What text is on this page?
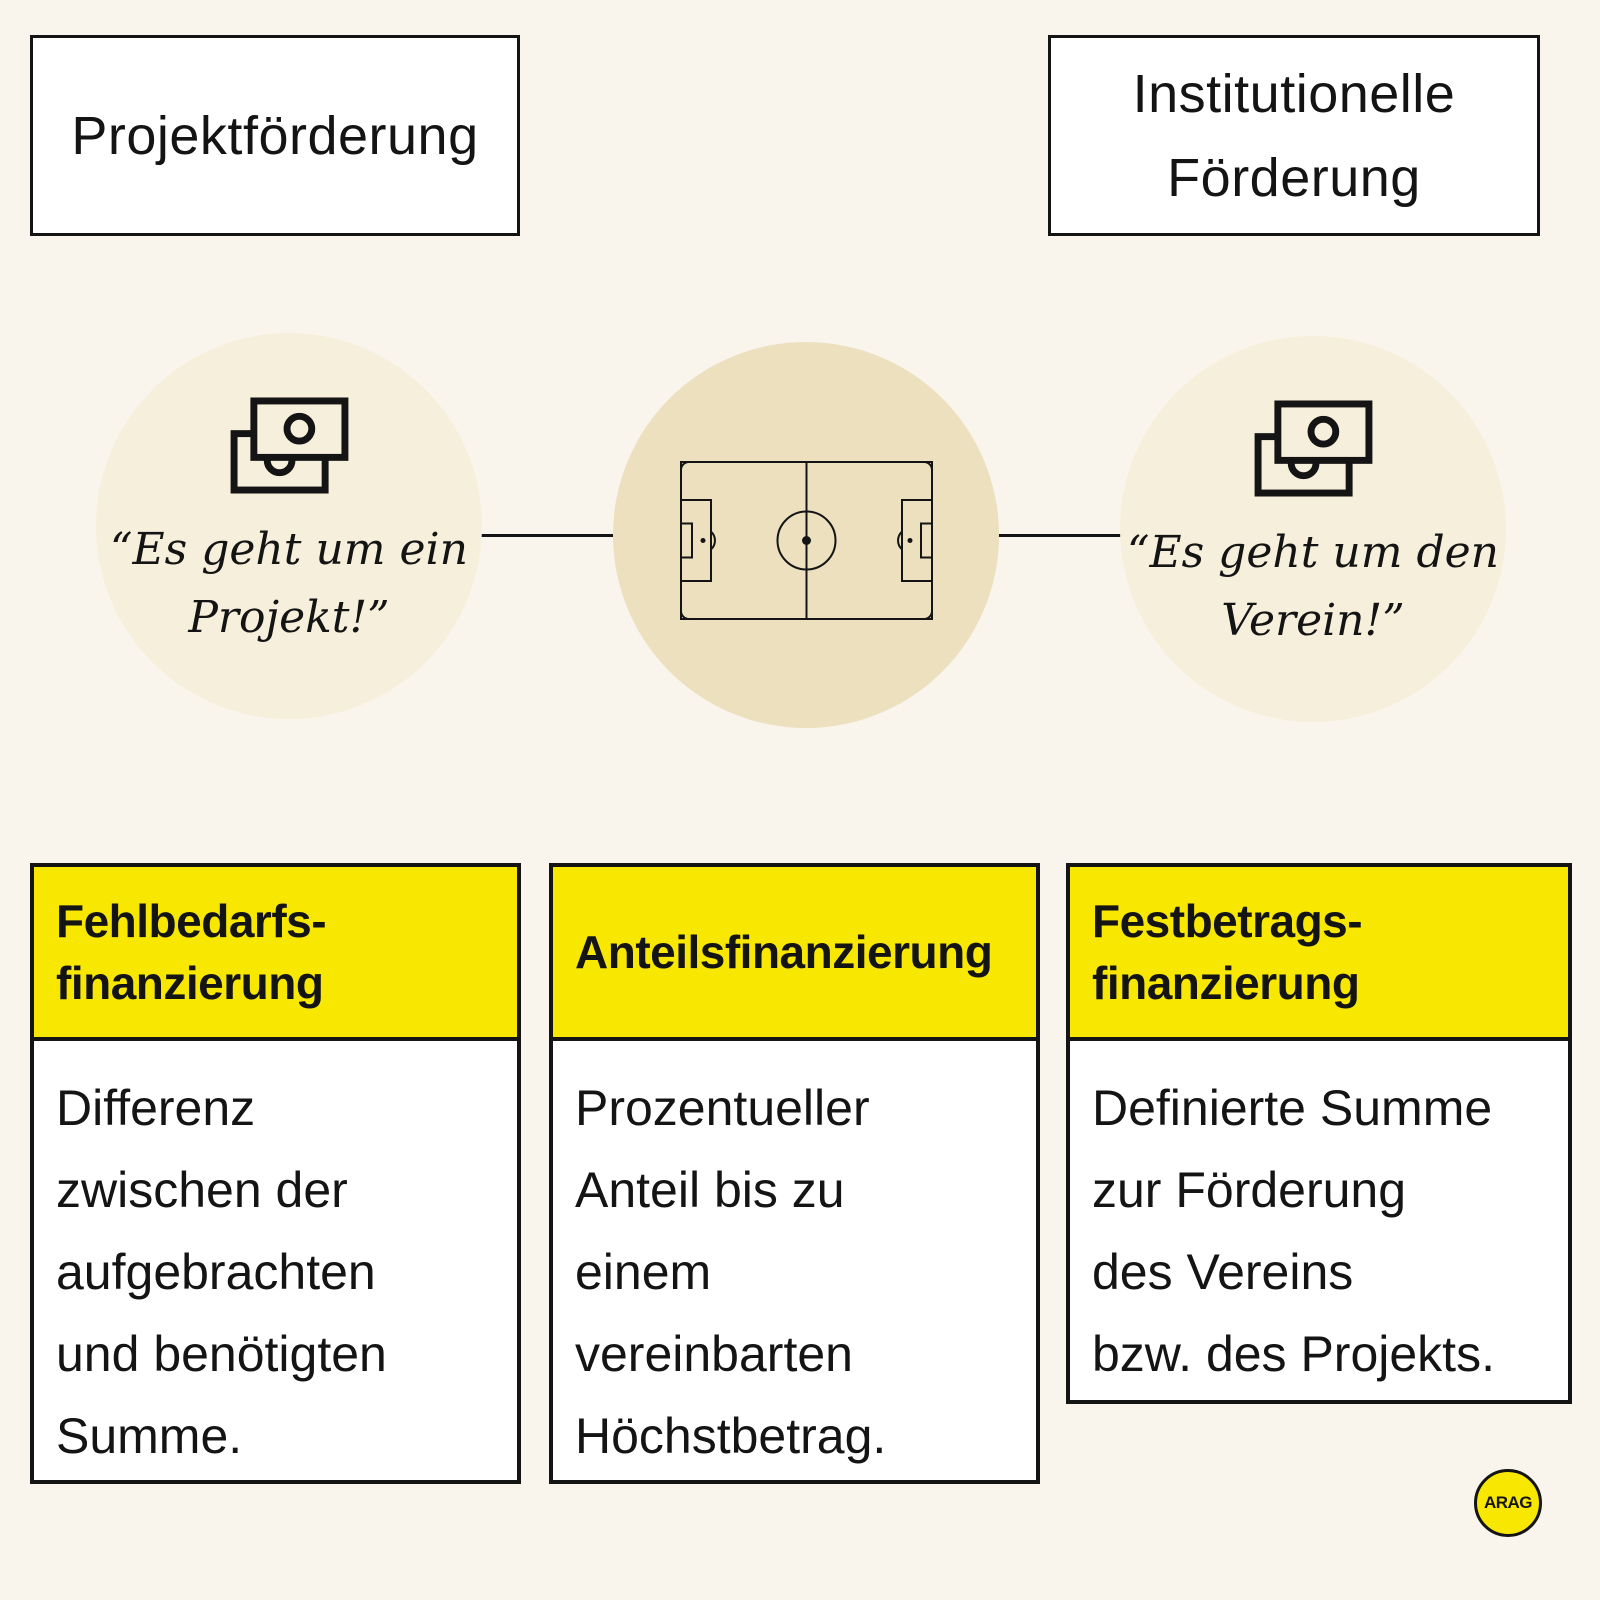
Projektförderung
Institutionelle
Förderung
“Es geht um ein
Projekt!”
“Es geht um den
Verein!”
Fehlbedarfs-
finanzierung
Differenz
zwischen der
aufgebrachten
und benötigten
Summe.
Anteilsfinanzierung
Prozentueller
Anteil bis zu
einem
vereinbarten
Höchstbetrag.
Festbetrags-
finanzierung
Definierte Summe
zur Förderung
des Vereins
bzw. des Projekts.
ARAG
